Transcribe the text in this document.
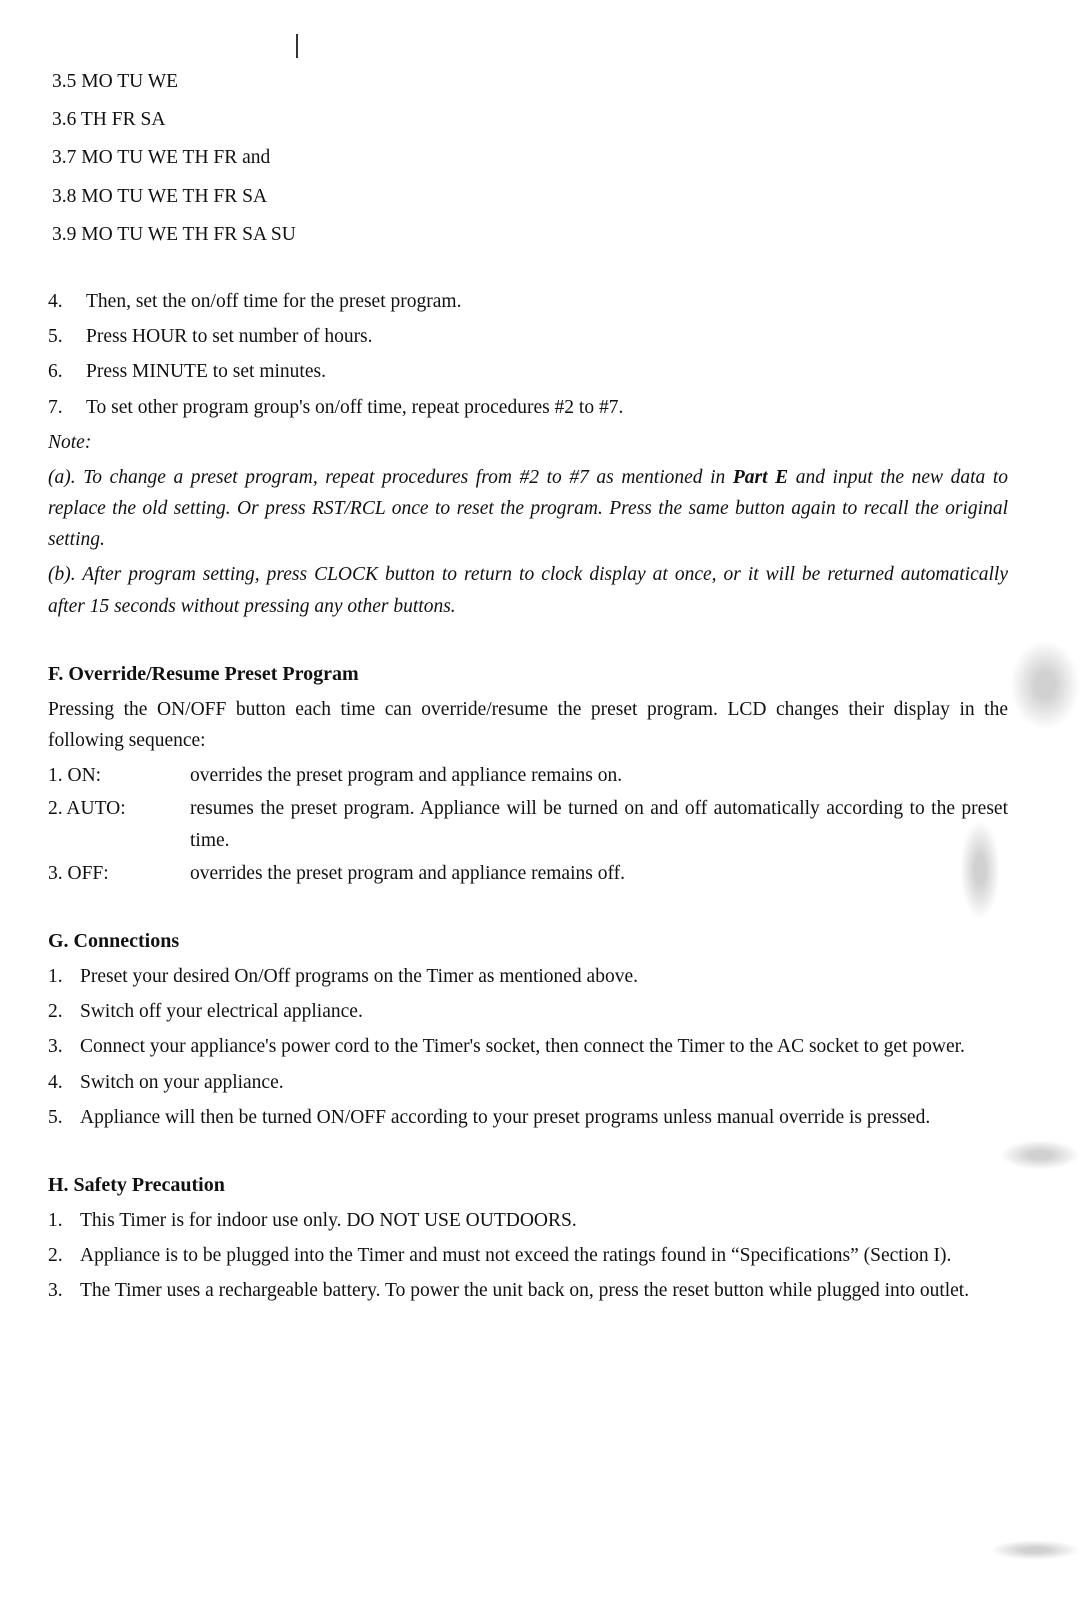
3.5 MO TU WE
3.6 TH FR SA
3.7 MO TU WE TH FR and
3.8 MO TU WE TH FR SA
3.9 MO TU WE TH FR SA SU
4.	Then, set the on/off time for the preset program.
5.	Press HOUR to set number of hours.
6.	Press MINUTE to set minutes.
7.	To set other program group's on/off time, repeat procedures #2 to #7.
Note:

(a). To change a preset program, repeat procedures from #2 to #7 as mentioned in Part E and input the new data to replace the old setting. Or press RST/RCL once to reset the program. Press the same button again to recall the original setting.

(b). After program setting, press CLOCK button to return to clock display at once, or it will be returned automatically after 15 seconds without pressing any other buttons.

F. Override/Resume Preset Program

Pressing the ON/OFF button each time can override/resume the preset program. LCD changes their display in the following sequence:

1. ON:	overrides the preset program and appliance remains on.
2. AUTO:	resumes the preset program. Appliance will be turned on and off automatically according to the preset time.
3. OFF:	overrides the preset program and appliance remains off.
G. Connections
1. Preset your desired On/Off programs on the Timer as mentioned above.
2. Switch off your electrical appliance.
3. Connect your appliance's power cord to the Timer's socket, then connect the Timer to the AC socket to get power.
4. Switch on your appliance.
5. Appliance will then be turned ON/OFF according to your preset programs unless manual override is pressed.
H. Safety Precaution
1. This Timer is for indoor use only. DO NOT USE OUTDOORS.
2. Appliance is to be plugged into the Timer and must not exceed the ratings found in “Specifications” (Section I).
3. The Timer uses a rechargeable battery. To power the unit back on, press the reset button while plugged into outlet.
